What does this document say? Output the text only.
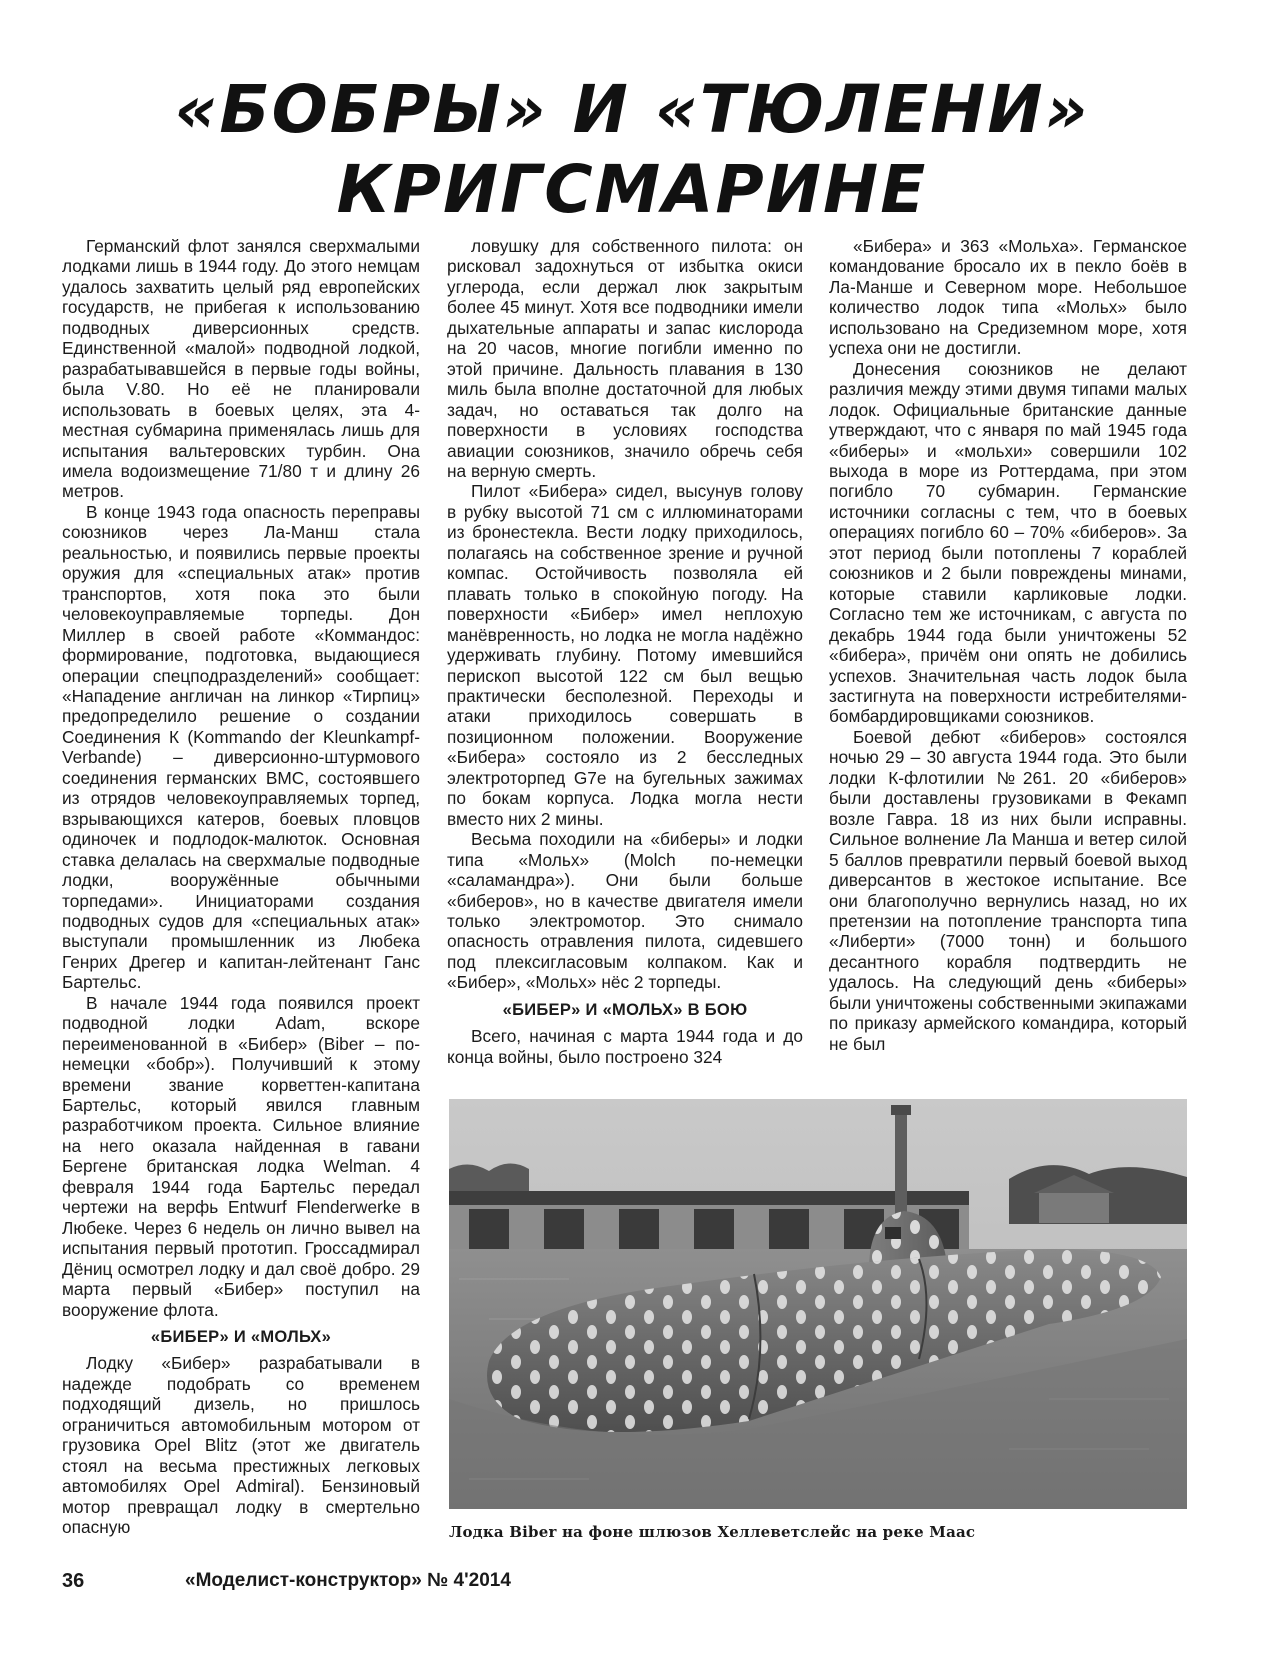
«БОБРЫ» И «ТЮЛЕНИ»
КРИГСМАРИНЕ

Германский флот занялся сверхмалыми лодками лишь в 1944 году. До этого немцам удалось захватить целый ряд европейских государств, не прибегая к использованию подводных диверсионных средств. Единственной «малой» подводной лодкой, разрабатывавшейся в первые годы войны, была V.80. Но её не планировали использовать в боевых целях, эта 4-местная субмарина применялась лишь для испытания вальтеровских турбин. Она имела водоизмещение 71/80 т и длину 26 метров.

В конце 1943 года опасность переправы союзников через Ла-Манш стала реальностью, и появились первые проекты оружия для «специальных атак» против транспортов, хотя пока это были человекоуправляемые торпеды. Дон Миллер в своей работе «Коммандос: формирование, подготовка, выдающиеся операции спецподразделений» сообщает: «Нападение англичан на линкор «Тирпиц» предопределило решение о создании Соединения К (Kommando der Kleunkampf-Verbande) – диверсионно-штурмового соединения германских ВМС, состоявшего из отрядов человекоуправляемых торпед, взрывающихся катеров, боевых пловцов одиночек и подлодок-малюток. Основная ставка делалась на сверхмалые подводные лодки, вооружённые обычными торпедами». Инициаторами создания подводных судов для «специальных атак» выступали промышленник из Любека Генрих Дрегер и капитан-лейтенант Ганс Бартельс.

В начале 1944 года появился проект подводной лодки Adam, вскоре переименованной в «Бибер» (Biber – по-немецки «бобр»). Получивший к этому времени звание корветтен-капитана Бартельс, который явился главным разработчиком проекта. Сильное влияние на него оказала найденная в гавани Бергене британская лодка Welman. 4 февраля 1944 года Бартельс передал чертежи на верфь Entwurf Flenderwerke в Любеке. Через 6 недель он лично вывел на испытания первый прототип. Гроссадмирал Дёниц осмотрел лодку и дал своё добро. 29 марта первый «Бибер» поступил на вооружение флота.

«БИБЕР» И «МОЛЬХ»

Лодку «Бибер» разрабатывали в надежде подобрать со временем подходящий дизель, но пришлось ограничиться автомобильным мотором от грузовика Opel Blitz (этот же двигатель стоял на весьма престижных легковых автомобилях Opel Admiral). Бензиновый мотор превращал лодку в смертельно опасную

ловушку для собственного пилота: он рисковал задохнуться от избытка окиси углерода, если держал люк закрытым более 45 минут. Хотя все подводники имели дыхательные аппараты и запас кислорода на 20 часов, многие погибли именно по этой причине. Дальность плавания в 130 миль была вполне достаточной для любых задач, но оставаться так долго на поверхности в условиях господства авиации союзников, значило обречь себя на верную смерть.

Пилот «Бибера» сидел, высунув голову в рубку высотой 71 см с иллюминаторами из бронестекла. Вести лодку приходилось, полагаясь на собственное зрение и ручной компас. Остойчивость позволяла ей плавать только в спокойную погоду. На поверхности «Бибер» имел неплохую манёвренность, но лодка не могла надёжно удерживать глубину. Потому имевшийся перископ высотой 122 см был вещью практически бесполезной. Переходы и атаки приходилось совершать в позиционном положении. Вооружение «Бибера» состояло из 2 бесследных электроторпед G7e на бугельных зажимах по бокам корпуса. Лодка могла нести вместо них 2 мины.

Весьма походили на «биберы» и лодки типа «Мольх» (Molch по-немецки «саламандра»). Они были больше «биберов», но в качестве двигателя имели только электромотор. Это снимало опасность отравления пилота, сидевшего под плексигласовым колпаком. Как и «Бибер», «Мольх» нёс 2 торпеды.

«БИБЕР» И «МОЛЬХ» В БОЮ

Всего, начиная с марта 1944 года и до конца войны, было построено 324

«Бибера» и 363 «Мольха». Германское командование бросало их в пекло боёв в Ла-Манше и Северном море. Небольшое количество лодок типа «Мольх» было использовано на Средиземном море, хотя успеха они не достигли.

Донесения союзников не делают различия между этими двумя типами малых лодок. Официальные британские данные утверждают, что с января по май 1945 года «биберы» и «мольхи» совершили 102 выхода в море из Роттердама, при этом погибло 70 субмарин. Германские источники согласны с тем, что в боевых операциях погибло 60 – 70% «биберов». За этот период были потоплены 7 кораблей союзников и 2 были повреждены минами, которые ставили карликовые лодки. Согласно тем же источникам, с августа по декабрь 1944 года были уничтожены 52 «бибера», причём они опять не добились успехов. Значительная часть лодок была застигнута на поверхности истребителями-бомбардировщиками союзников.

Боевой дебют «биберов» состоялся ночью 29 – 30 августа 1944 года. Это были лодки К-флотилии №261. 20 «биберов» были доставлены грузовиками в Фекамп возле Гавра. 18 из них были исправны. Сильное волнение Ла Манша и ветер силой 5 баллов превратили первый боевой выход диверсантов в жестокое испытание. Все они благополучно вернулись назад, но их претензии на потопление транспорта типа «Либерти» (7000 тонн) и большого десантного корабля подтвердить не удалось. На следующий день «биберы» были уничтожены собственными экипажами по приказу армейского командира, который не был

Лодка Biber на фоне шлюзов Хеллеветслейс на реке Маас
36	«Моделист-конструктор» № 4'2014
